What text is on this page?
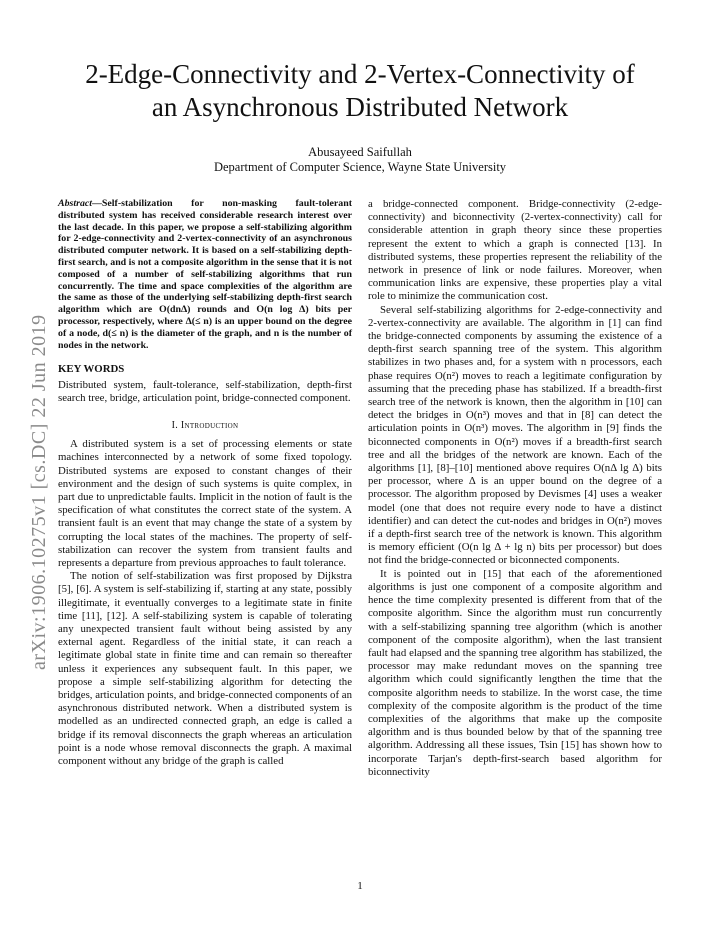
arXiv:1906.10275v1 [cs.DC] 22 Jun 2019
2-Edge-Connectivity and 2-Vertex-Connectivity of
an Asynchronous Distributed Network
Abusayeed Saifullah
Department of Computer Science, Wayne State University

Abstract—Self-stabilization for non-masking fault-tolerant distributed system has received considerable research interest over the last decade. In this paper, we propose a self-stabilizing algorithm for 2-edge-connectivity and 2-vertex-connectivity of an asynchronous distributed computer network. It is based on a self-stabilizing depth-first search, and is not a composite algorithm in the sense that it is not composed of a number of self-stabilizing algorithms that run concurrently. The time and space complexities of the algorithm are the same as those of the underlying self-stabilizing depth-first search algorithm which are O(dnΔ) rounds and O(n log Δ) bits per processor, respectively, where Δ(≤ n) is an upper bound on the degree of a node, d(≤ n) is the diameter of the graph, and n is the number of nodes in the network.

KEY WORDS

Distributed system, fault-tolerance, self-stabilization, depth-first search tree, bridge, articulation point, bridge-connected component.

I. Introduction

A distributed system is a set of processing elements or state machines interconnected by a network of some fixed topology. Distributed systems are exposed to constant changes of their environment and the design of such systems is quite complex, in part due to unpredictable faults. Implicit in the notion of fault is the specification of what constitutes the correct state of the system. A transient fault is an event that may change the state of a system by corrupting the local states of the machines. The property of self-stabilization can recover the system from transient faults and represents a departure from previous approaches to fault tolerance.

The notion of self-stabilization was first proposed by Dijkstra [5], [6]. A system is self-stabilizing if, starting at any state, possibly illegitimate, it eventually converges to a legitimate state in finite time [11], [12]. A self-stabilizing system is capable of tolerating any unexpected transient fault without being assisted by any external agent. Regardless of the initial state, it can reach a legitimate global state in finite time and can remain so thereafter unless it experiences any subsequent fault. In this paper, we propose a simple self-stabilizing algorithm for detecting the bridges, articulation points, and bridge-connected components of an asynchronous distributed network. When a distributed system is modelled as an undirected connected graph, an edge is called a bridge if its removal disconnects the graph whereas an articulation point is a node whose removal disconnects the graph. A maximal component without any bridge of the graph is called

a bridge-connected component. Bridge-connectivity (2-edge-connectivity) and biconnectivity (2-vertex-connectivity) call for considerable attention in graph theory since these properties represent the extent to which a graph is connected [13]. In distributed systems, these properties represent the reliability of the network in presence of link or node failures. Moreover, when communication links are expensive, these properties play a vital role to minimize the communication cost.

Several self-stabilizing algorithms for 2-edge-connectivity and 2-vertex-connectivity are available. The algorithm in [1] can find the bridge-connected components by assuming the existence of a depth-first search spanning tree of the system. This algorithm stabilizes in two phases and, for a system with n processors, each phase requires O(n²) moves to reach a legitimate configuration by assuming that the preceding phase has stabilized. If a breadth-first search tree of the network is known, then the algorithm in [10] can detect the bridges in O(n³) moves and that in [8] can detect the articulation points in O(n³) moves. The algorithm in [9] finds the biconnected components in O(n²) moves if a breadth-first search tree and all the bridges of the network are known. Each of the algorithms [1], [8]–[10] mentioned above requires O(nΔ lg Δ) bits per processor, where Δ is an upper bound on the degree of a processor. The algorithm proposed by Devismes [4] uses a weaker model (one that does not require every node to have a distinct identifier) and can detect the cut-nodes and bridges in O(n²) moves if a depth-first search tree of the network is known. This algorithm is memory efficient (O(n lg Δ + lg n) bits per processor) but does not find the bridge-connected or biconnected components.

It is pointed out in [15] that each of the aforementioned algorithms is just one component of a composite algorithm and hence the time complexity presented is different from that of the composite algorithm. Since the algorithm must run concurrently with a self-stabilizing spanning tree algorithm (which is another component of the composite algorithm), when the last transient fault had elapsed and the spanning tree algorithm has stabilized, the processor may make redundant moves on the spanning tree algorithm which could significantly lengthen the time that the composite algorithm needs to stabilize. In the worst case, the time complexity of the composite algorithm is the product of the time complexities of the algorithms that make up the composite algorithm and is thus bounded below by that of the spanning tree algorithm. Addressing all these issues, Tsin [15] has shown how to incorporate Tarjan's depth-first-search based algorithm for biconnectivity

1
